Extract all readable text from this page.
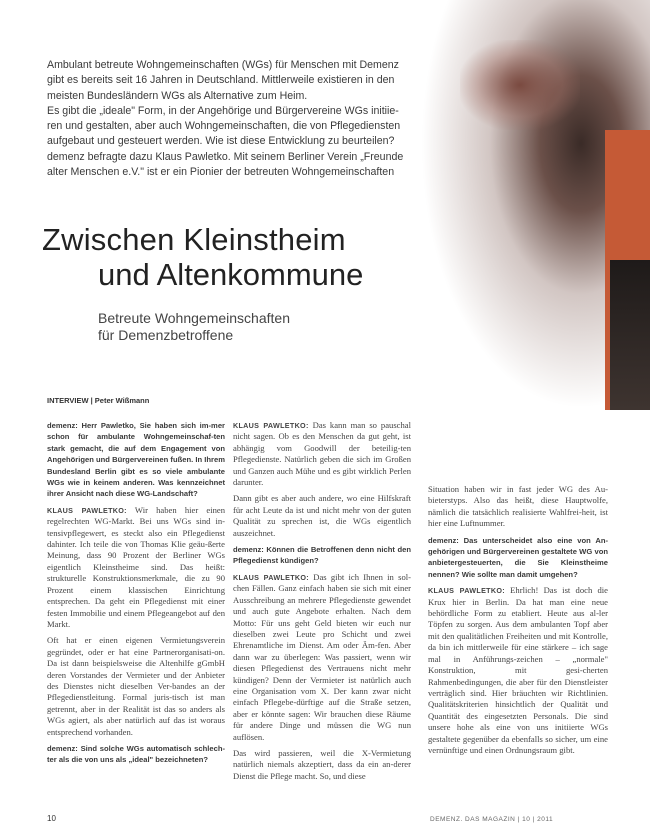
Ambulant betreute Wohngemeinschaften (WGs) für Menschen mit Demenz

gibt es bereits seit 16 Jahren in Deutschland. Mittlerweile existieren in den

meisten Bundesländern WGs als Alternative zum Heim.

Es gibt die „ideale" Form, in der Angehörige und Bürgervereine WGs initiie-

ren und gestalten, aber auch Wohngemeinschaften, die von Pflegediensten

aufgebaut und gesteuert werden. Wie ist diese Entwicklung zu beurteilen?

demenz befragte dazu Klaus Pawletko. Mit seinem Berliner Verein „Freunde

alter Menschen e.V." ist er ein Pionier der betreuten Wohngemeinschaften

Zwischen Kleinstheim
und Altenkommune
Betreute Wohngemeinschaften
für Demenzbetroffene
INTERVIEW | Peter Wißmann

demenz: Herr Pawletko, Sie haben sich im-mer schon für ambulante Wohngemeinschaf-ten stark gemacht, die auf dem Engagement von Angehörigen und Bürgervereinen fußen. In Ihrem Bundesland Berlin gibt es so viele ambulante WGs wie in keinem anderen. Was kennzeichnet ihrer Ansicht nach diese WG-Landschaft?

KLAUS PAWLETKO: Wir haben hier einen regelrechten WG-Markt. Bei uns WGs sind in-tensivpflegewert, es steckt also ein Pflegedienst dahinter. Ich teile die von Thomas Klie geäu-ßerte Meinung, dass 90 Prozent der Berliner WGs eigentlich Kleinstheime sind. Das heißt: strukturelle Konstruktionsmerkmale, die zu 90 Prozent einem klassischen Einrichtung entsprechen. Da geht ein Pflegedienst mit einer festen Immobilie und einem Pflegeangebot auf den Markt.

Oft hat er einen eigenen Vermietungsverein gegründet, oder er hat eine Partnerorganisati-on. Da ist dann beispielsweise die Altenhilfe gGmbH deren Vorstandes der Vermieter und der Anbieter des Dienstes nicht dieselben Ver-bandes an der Pflegedienstleitung. Formal juris-tisch ist man getrennt, aber in der Realität ist das so anders als WGs agiert, als aber natürlich auf das ist woraus entsprechend vorhanden.

demenz: Sind solche WGs automatisch schlech-ter als die von uns als „ideal" bezeichneten?

KLAUS PAWLETKO: Das kann man so pauschal nicht sagen. Ob es den Menschen da gut geht, ist abhängig vom Goodwill der beteilig-ten Pflegedienste. Natürlich geben die sich im Großen und Ganzen auch Mühe und es gibt wirklich Perlen darunter.

Dann gibt es aber auch andere, wo eine Hilfskraft für acht Leute da ist und nicht mehr von der guten Qualität zu sprechen ist, die WGs eigentlich auszeichnet.

demenz: Können die Betroffenen denn nicht den Pflegedienst kündigen?

KLAUS PAWLETKO: Das gibt ich Ihnen in sol-chen Fällen. Ganz einfach haben sie sich mit einer Ausschreibung an mehrere Pflegedienste gewendet und auch gute Angebote erhalten. Nach dem Motto: Für uns geht Geld bieten wir euch nur dieselben zwei Leute pro Schicht und zwei Ehrenamtliche im Dienst. Am oder Äm-fen. Aber dann war zu überlegen: Was passiert, wenn wir diesen Pflegedienst des Vertrauens nicht mehr kündigen? Denn der Vermieter ist natürlich auch eine Organisation vom X. Der kann zwar nicht einfach Pflegebe-dürftige auf die Straße setzen, aber er könnte sagen: Wir brauchen diese Räume für andere Dinge und müssen die WG nun auflösen.

Das wird passieren, weil die X-Vermietung natürlich niemals akzeptiert, dass da ein an-derer Dienst die Pflege macht. So, und diese

Situation haben wir in fast jeder WG des Au-bieterstyps. Also das heißt, diese Hauptwolfe, nämlich die tatsächlich realisierte Wahlfrei-heit, ist hier eine Luftnummer.

demenz: Das unterscheidet also eine von An-gehörigen und Bürgervereinen gestaltete WG von anbietergesteuerten, die Sie Kleinstheime nennen? Wie sollte man damit umgehen?

KLAUS PAWLETKO: Ehrlich! Das ist doch die Krux hier in Berlin. Da hat man eine neue behördliche Form zu etabliert. Heute aus al-ler Töpfen zu sorgen. Aus dem ambulanten Topf aber mit den qualitätlichen Freiheiten und mit Kontrolle, da bin ich mittlerweile für eine stärkere – ich sage mal in Anführungs-zeichen – „normale" Konstruktion, mit gesi-cherten Rahmenbedingungen, die aber für den Dienstleister verträglich sind. Hier bräuchten wir Richtlinien. Qualitätskriterien hinsichtlich der Qualität und Quantität des eingesetzten Personals. Die sind unsere hohe als eine von uns initiierte WGs gestaltete gegenüber da ebenfalls so sicher, um eine vernünftige und einen Ordnungsraum gibt.

10	DEMENZ. DAS MAGAZIN | 10 | 2011
